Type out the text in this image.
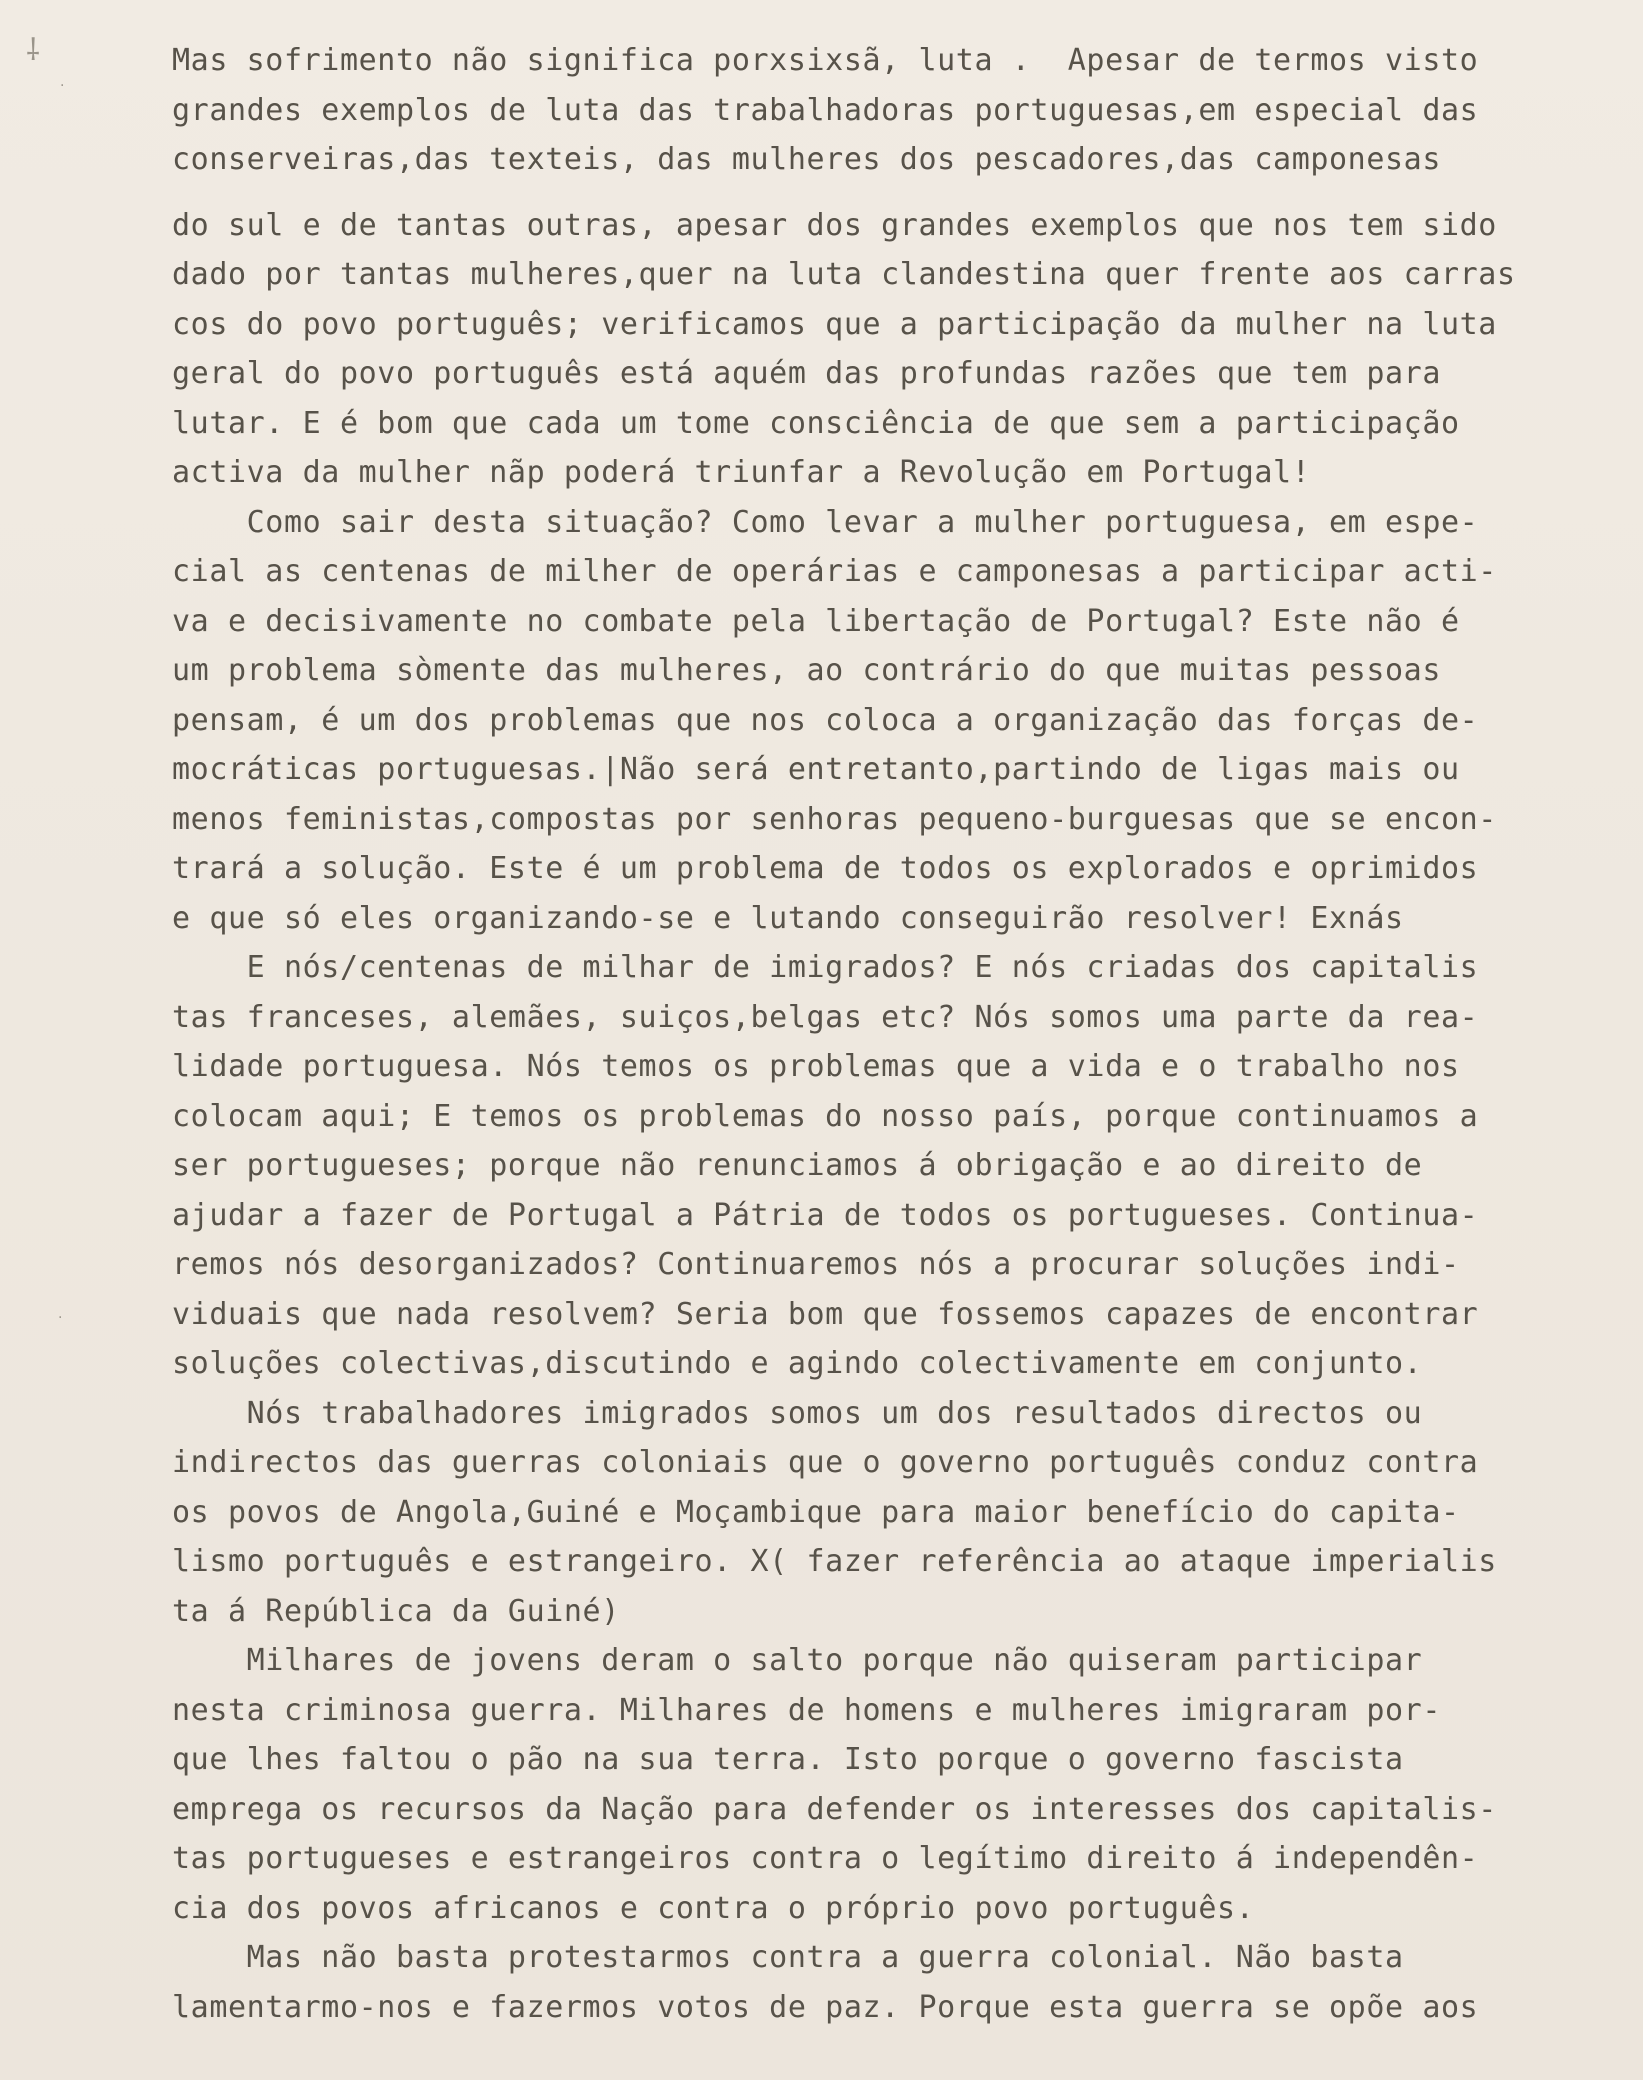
⸸
·
·
Mas sofrimento não significa porxsixsã, luta .  Apesar de termos visto
grandes exemplos de luta das trabalhadoras portuguesas,em especial das
conserveiras,das texteis, das mulheres dos pescadores,das camponesas
do sul e de tantas outras, apesar dos grandes exemplos que nos tem sido
dado por tantas mulheres,quer na luta clandestina quer frente aos carras
cos do povo português; verificamos que a participação da mulher na luta
geral do povo português está aquém das profundas razões que tem para
lutar. E é bom que cada um tome consciência de que sem a participação
activa da mulher nãp poderá triunfar a Revolução em Portugal!
Como sair desta situação? Como levar a mulher portuguesa, em espe-
cial as centenas de milher de operárias e camponesas a participar acti-
va e decisivamente no combate pela libertação de Portugal? Este não é
um problema sòmente das mulheres, ao contrário do que muitas pessoas
pensam, é um dos problemas que nos coloca a organização das forças de-
mocráticas portuguesas.|Não será entretanto,partindo de ligas mais ou
menos feministas,compostas por senhoras pequeno-burguesas que se encon-
trará a solução. Este é um problema de todos os explorados e oprimidos
e que só eles organizando-se e lutando conseguirão resolver! Exnás
E nós/centenas de milhar de imigrados? E nós criadas dos capitalis
tas franceses, alemães, suiços,belgas etc? Nós somos uma parte da rea-
lidade portuguesa. Nós temos os problemas que a vida e o trabalho nos
colocam aqui; E temos os problemas do nosso país, porque continuamos a
ser portugueses; porque não renunciamos á obrigação e ao direito de
ajudar a fazer de Portugal a Pátria de todos os portugueses. Continua-
remos nós desorganizados? Continuaremos nós a procurar soluções indi-
viduais que nada resolvem? Seria bom que fossemos capazes de encontrar
soluções colectivas,discutindo e agindo colectivamente em conjunto.
Nós trabalhadores imigrados somos um dos resultados directos ou
indirectos das guerras coloniais que o governo português conduz contra
os povos de Angola,Guiné e Moçambique para maior benefício do capita-
lismo português e estrangeiro. X( fazer referência ao ataque imperialis
ta á República da Guiné)
Milhares de jovens deram o salto porque não quiseram participar
nesta criminosa guerra. Milhares de homens e mulheres imigraram por-
que lhes faltou o pão na sua terra. Isto porque o governo fascista
emprega os recursos da Nação para defender os interesses dos capitalis-
tas portugueses e estrangeiros contra o legítimo direito á independên-
cia dos povos africanos e contra o próprio povo português.
Mas não basta protestarmos contra a guerra colonial. Não basta
lamentarmo-nos e fazermos votos de paz. Porque esta guerra se opõe aos
